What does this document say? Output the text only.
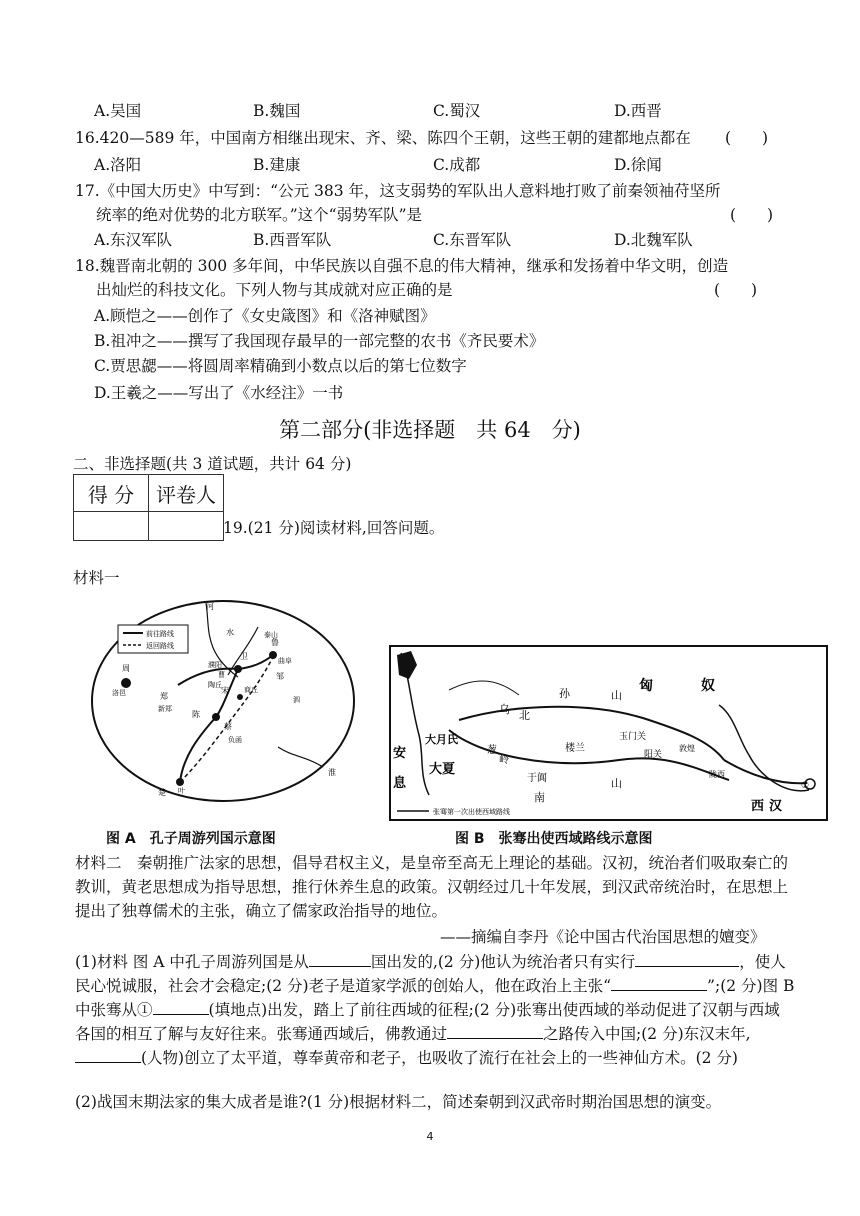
A.吴国	B.魏国	C.蜀汉	D.西晋
16.420—589 年，中国南方相继出现宋、齐、梁、陈四个王朝，这些王朝的建都地点都在 (　　)
A.洛阳	B.建康	C.成都	D.徐闻
17.《中国大历史》中写到：“公元 383 年，这支弱势的军队出人意料地打败了前秦领袖苻坚所
统率的绝对优势的北方联军。”这个“弱势军队”是	(　　)
A.东汉军队	B.西晋军队	C.东晋军队	D.北魏军队
18.魏晋南北朝的 300 多年间，中华民族以自强不息的伟大精神，继承和发扬着中华文明，创造
出灿烂的科技文化。下列人物与其成就对应正确的是	(　　)
A.顾恺之——创作了《女史箴图》和《洛神赋图》
B.祖冲之——撰写了我国现存最早的一部完整的农书《齐民要术》
C.贾思勰——将圆周率精确到小数点以后的第七位数字
D.王羲之——写出了《水经注》一书
第二部分(非选择题　共 64　分)
二、非选择题(共 3 道试题，共计 64 分)
得 分	评卷人

19.(21 分)阅读材料,回答问题。
材料一
前往路线
返回路线
河
水
淮
卫	曲阜
鲁
邹
宋 商丘
周
洛邑	郑
陈
蔡
楚
曹
陶丘
叶
新郑
负函
泗
濮阳
泰山
张骞第一次出使西域路线
匈	奴
乌
孙
北
山
大月氏
安
息
大夏
葱
岭
于阗
楼兰
玉门关
阳关
南
山
敦煌
陇西
西 汉
①
图 A　孔子周游列国示意图	图 B　张骞出使西域路线示意图
材料二　秦朝推广法家的思想，倡导君权主义，是皇帝至高无上理论的基础。汉初，统治者们吸取秦亡的教训，黄老思想成为指导思想，推行休养生息的政策。汉朝经过几十年发展，到汉武帝统治时，在思想上提出了独尊儒术的主张，确立了儒家政治指导的地位。
——摘编自李丹《论中国古代治国思想的嬗变》
(1)材料 图 A 中孔子周游列国是从	国出发的,(2 分)他认为统治者只有实行	，使人民心悦诚服，社会才会稳定;(2 分)老子是道家学派的创始人，他在政治上主张“	”;(2 分)图 B 中张骞从①	(填地点)出发，踏上了前往西域的征程;(2 分)张骞出使西域的举动促进了汉朝与西域各国的相互了解与友好往来。张骞通西域后，佛教通过	之路传入中国;(2 分)东汉末年,(人物)创立了太平道，尊奉黄帝和老子，也吸收了流行在社会上的一些神仙方术。(2 分)
(2)战国末期法家的集大成者是谁?(1 分)根据材料二，简述秦朝到汉武帝时期治国思想的演变。
4
